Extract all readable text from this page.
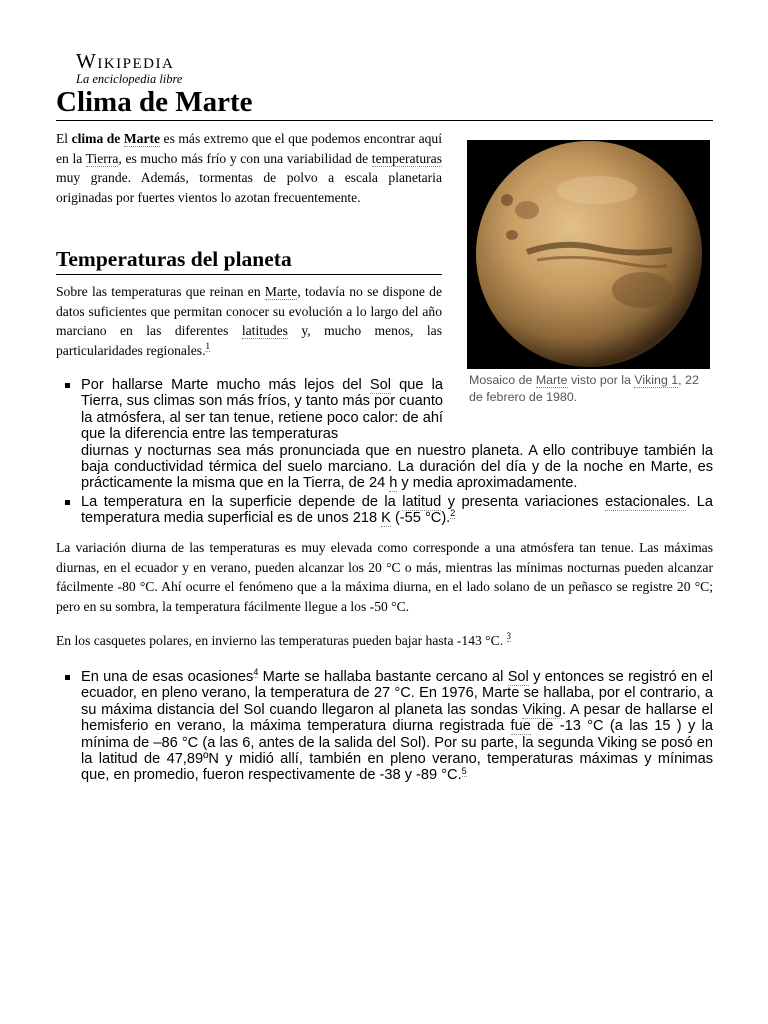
Wikipedia
La enciclopedia libre
Clima de Marte

El clima de Marte es más extremo que el que podemos encontrar aquí en la Tierra, es mucho más frío y con una variabilidad de temperaturas muy grande. Además, tormentas de polvo a escala planetaria originadas por fuertes vientos lo azotan frecuentemente.

Temperaturas del planeta

Sobre las temperaturas que reinan en Marte, todavía no se dispone de datos suficientes que permitan conocer su evolución a lo largo del año marciano en las diferentes latitudes y, mucho menos, las particularidades regionales.$^1$

Mosaico de Marte visto por la Viking 1, 22 de febrero de 1980.
Por hallarse Marte mucho más lejos del Sol que la Tierra, sus climas son más fríos, y tanto más por cuanto la atmósfera, al ser tan tenue, retiene poco calor: de ahí que la diferencia entre las temperaturas
diurnas y nocturnas sea más pronunciada que en nuestro planeta. A ello contribuye también la baja conductividad térmica del suelo marciano. La duración del día y de la noche en Marte, es prácticamente la misma que en la Tierra, de 24 h y media aproximadamente.
La temperatura en la superficie depende de la latitud y presenta variaciones estacionales. La temperatura media superficial es de unos 218 K (-55 °C).$^2$

La variación diurna de las temperaturas es muy elevada como corresponde a una atmósfera tan tenue. Las máximas diurnas, en el ecuador y en verano, pueden alcanzar los 20 °C o más, mientras las mínimas nocturnas pueden alcanzar fácilmente -80 °C. Ahí ocurre el fenómeno que a la máxima diurna, en el lado solano de un peñasco se registre 20 °C; pero en su sombra, la temperatura fácilmente llegue a los -50 °C.

En los casquetes polares, en invierno las temperaturas pueden bajar hasta -143 °C. $^3$

En una de esas ocasiones$^4$ Marte se hallaba bastante cercano al Sol y entonces se registró en el ecuador, en pleno verano, la temperatura de 27 °C. En 1976, Marte se hallaba, por el contrario, a su máxima distancia del Sol cuando llegaron al planeta las sondas Viking. A pesar de hallarse el hemisferio en verano, la máxima temperatura diurna registrada fue de -13 °C (a las 15 ) y la mínima de –86 °C (a las 6, antes de la salida del Sol). Por su parte, la segunda Viking se posó en la latitud de 47,89ºN y midió allí, también en pleno verano, temperaturas máximas y mínimas que, en promedio, fueron respectivamente de -38 y -89 °C.$^5$
